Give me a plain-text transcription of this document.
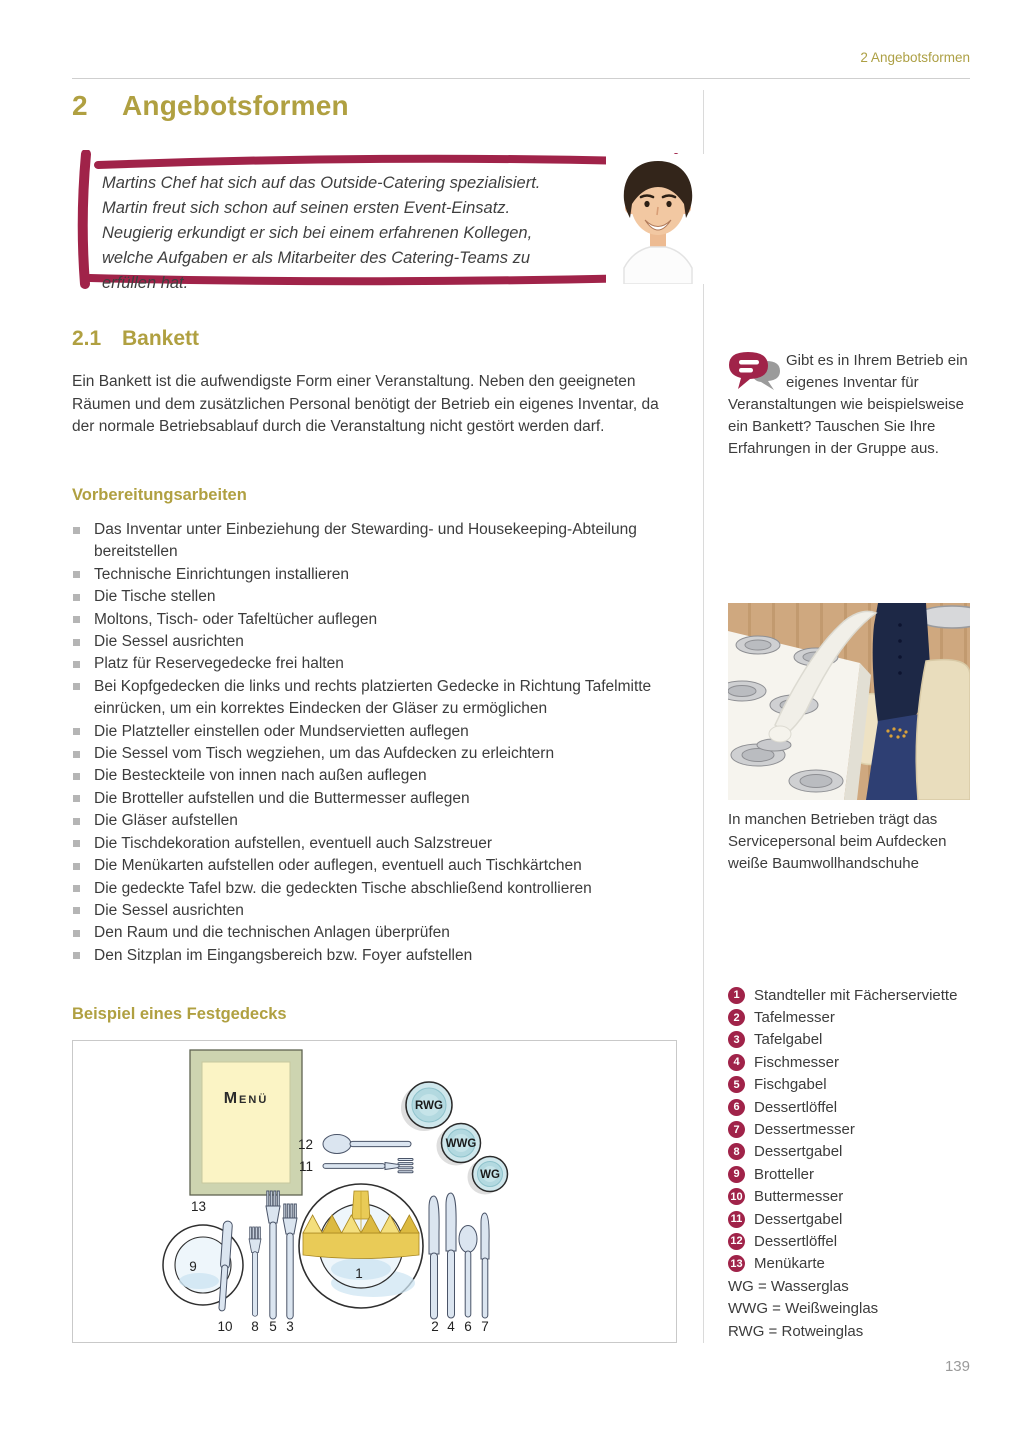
2 Angebotsformen
2	Angebotsformen
Martins Chef hat sich auf das Outside-Catering spezialisiert. Martin freut sich schon auf seinen ersten Event-Einsatz. Neugierig erkundigt er sich bei einem erfahrenen Kollegen, welche Aufgaben er als Mitarbeiter des Catering-Teams zu erfüllen hat.
2.1 Bankett
Ein Bankett ist die aufwendigste Form einer Veranstaltung. Neben den geeigneten Räumen und dem zusätzlichen Personal benötigt der Betrieb ein eigenes Inventar, da der normale Betriebsablauf durch die Veranstaltung nicht gestört werden darf.
Gibt es in Ihrem Betrieb ein eigenes Inventar für Veranstaltungen wie beispielsweise ein Bankett? Tauschen Sie Ihre Erfahrungen in der Gruppe aus.
Vorbereitungsarbeiten
Das Inventar unter Einbeziehung der Stewarding- und Housekeeping-Abteilung bereitstellen
Technische Einrichtungen installieren
Die Tische stellen
Moltons, Tisch- oder Tafeltücher auflegen
Die Sessel ausrichten
Platz für Reservegedecke frei halten
Bei Kopfgedecken die links und rechts platzierten Gedecke in Richtung Tafelmitte einrücken, um ein korrektes Eindecken der Gläser zu ermöglichen
Die Platzteller einstellen oder Mundservietten auflegen
Die Sessel vom Tisch wegziehen, um das Aufdecken zu erleichtern
Die Besteckteile von innen nach außen auflegen
Die Brotteller aufstellen und die Buttermesser auflegen
Die Gläser aufstellen
Die Tischdekoration aufstellen, eventuell auch Salzstreuer
Die Menükarten aufstellen oder auflegen, eventuell auch Tischkärtchen
Die gedeckte Tafel bzw. die gedeckten Tische abschließend kontrollieren
Die Sessel ausrichten
Den Raum und die technischen Anlagen überprüfen
Den Sitzplan im Eingangsbereich bzw. Foyer aufstellen
In manchen Betrieben trägt das Servicepersonal beim Aufdecken weiße Baumwollhandschuhe
Beispiel eines Festgedecks
Menü
13
RWG
WWG
WG
12
11
1
9
10 8 5 3	2 4 6 7
1 Standteller mit Fächerserviette
2 Tafelmesser
3 Tafelgabel
4 Fischmesser
5 Fischgabel
6 Dessertlöffel
7 Dessertmesser
8 Dessertgabel
9 Brotteller
10 Buttermesser
11 Dessertgabel
12 Dessertlöffel
13 Menükarte
WG = Wasserglas
WWG = Weißweinglas
RWG = Rotweinglas
139
